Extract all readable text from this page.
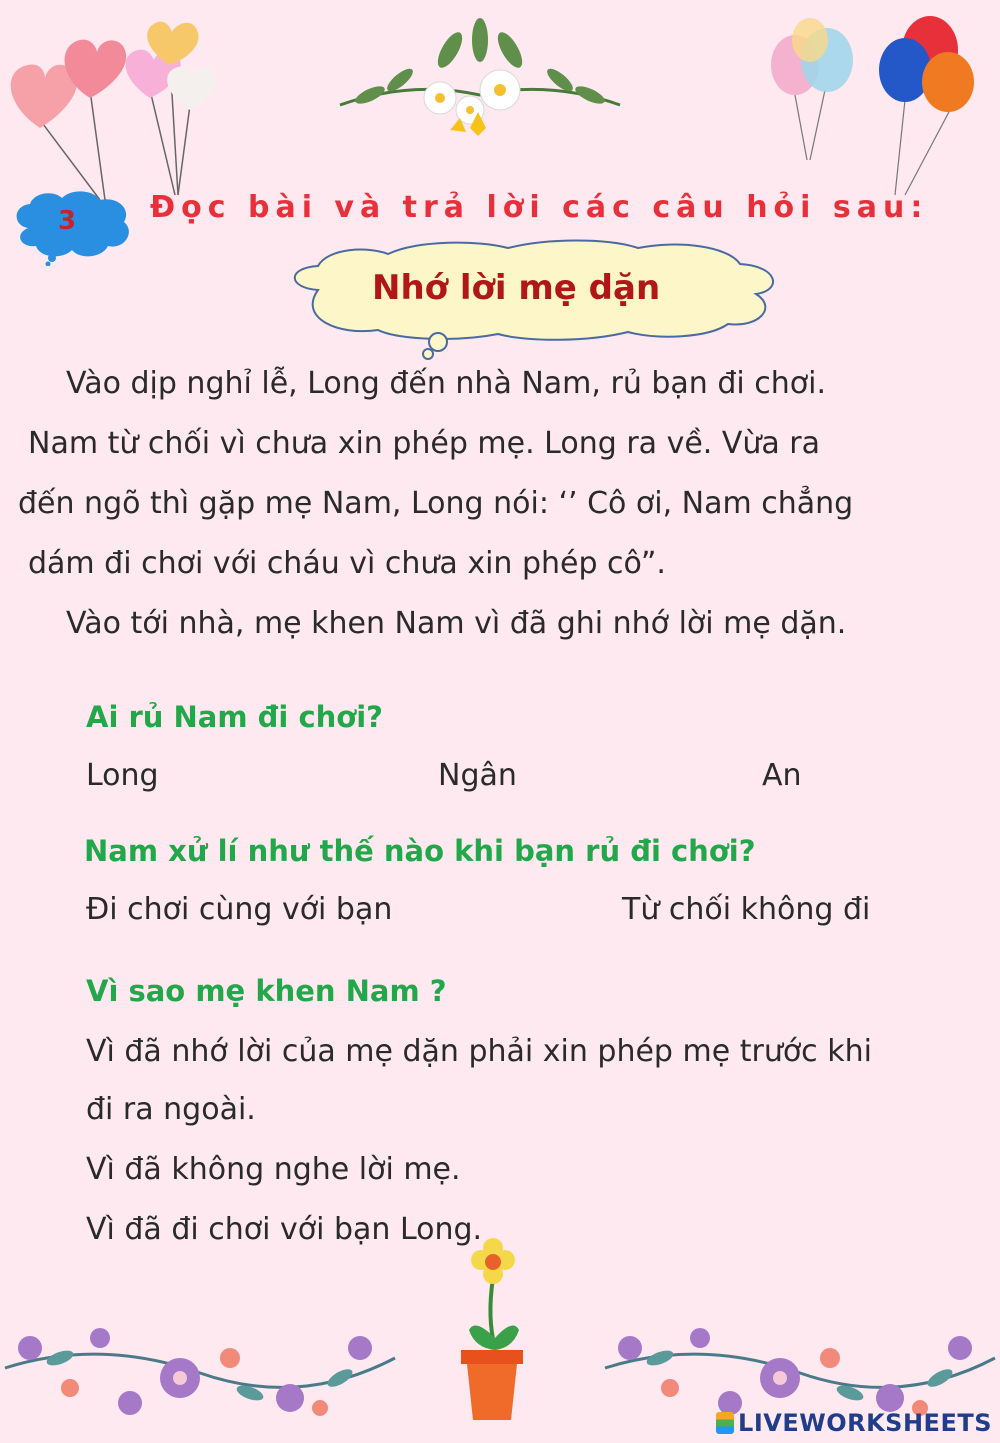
3 Đọc bài và trả lời các câu hỏi sau:
Nhớ lời mẹ dặn
Vào dịp nghỉ lễ, Long đến nhà Nam, rủ bạn đi chơi.
Nam từ chối vì chưa xin phép mẹ. Long ra về. Vừa ra
đến ngõ thì gặp mẹ Nam, Long nói: ‘’ Cô ơi, Nam chẳng
dám đi chơi với cháu vì chưa xin phép cô”.
Vào tới nhà, mẹ khen Nam vì đã ghi nhớ lời mẹ dặn.
Ai rủ Nam đi chơi?
Long	Ngân	An
Nam xử lí như thế nào khi bạn rủ đi chơi?
Đi chơi cùng với bạn	Từ chối không đi
Vì sao mẹ khen Nam ?
Vì đã nhớ lời của mẹ dặn phải xin phép mẹ trước khi
đi ra ngoài.
Vì đã không nghe lời mẹ.
Vì đã đi chơi với bạn Long.
LIVEWORKSHEETS
